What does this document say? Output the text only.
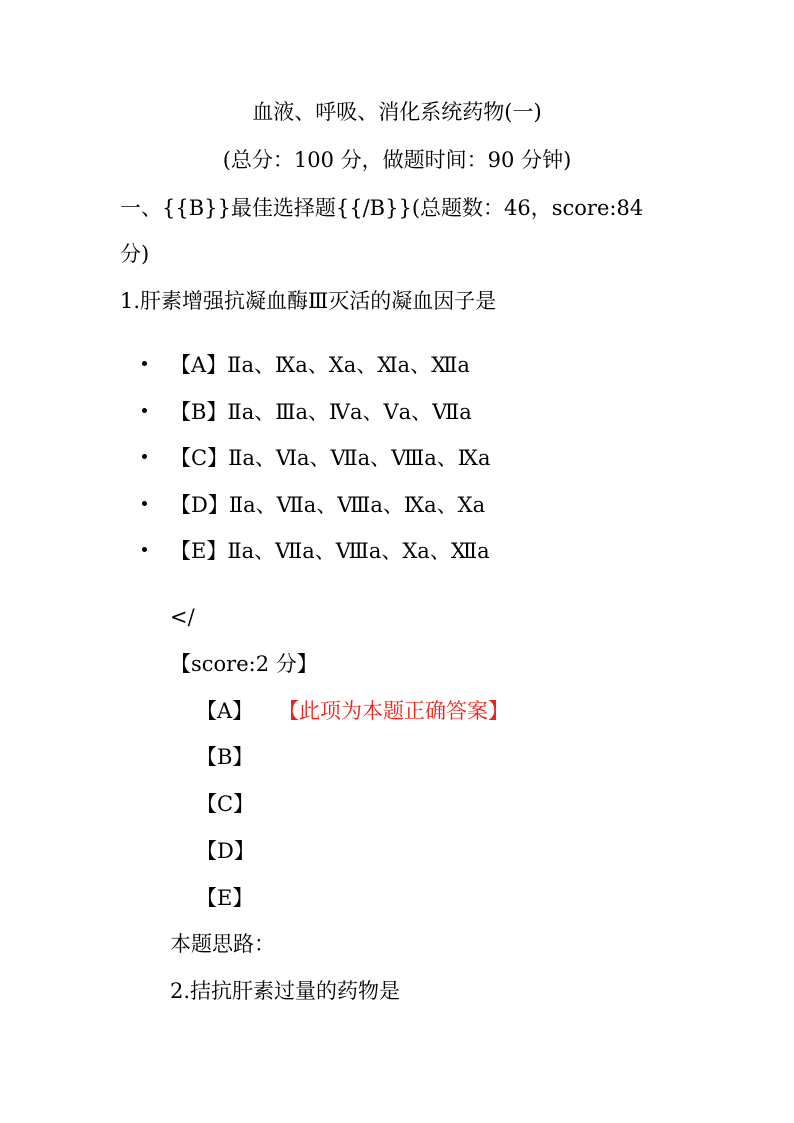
血液、呼吸、消化系统药物(一)
(总分：100 分，做题时间：90 分钟)
一、{{B}}最佳选择题{{/B}}(总题数：46，score:84
分)
1.肝素增强抗凝血酶Ⅲ灭活的凝血因子是
【A】Ⅱa、Ⅸa、Ⅹa、Ⅺa、Ⅻa
【B】Ⅱa、Ⅲa、Ⅳa、Ⅴa、Ⅶa
【C】Ⅱa、Ⅵa、Ⅶa、Ⅷa、Ⅸa
【D】Ⅱa、Ⅶa、Ⅷa、Ⅸa、Ⅹa
【E】Ⅱa、Ⅶa、Ⅷa、Ⅹa、Ⅻa
</
【score:2 分】
【A】 【此项为本题正确答案】
【B】
【C】
【D】
【E】
本题思路：
2.拮抗肝素过量的药物是
